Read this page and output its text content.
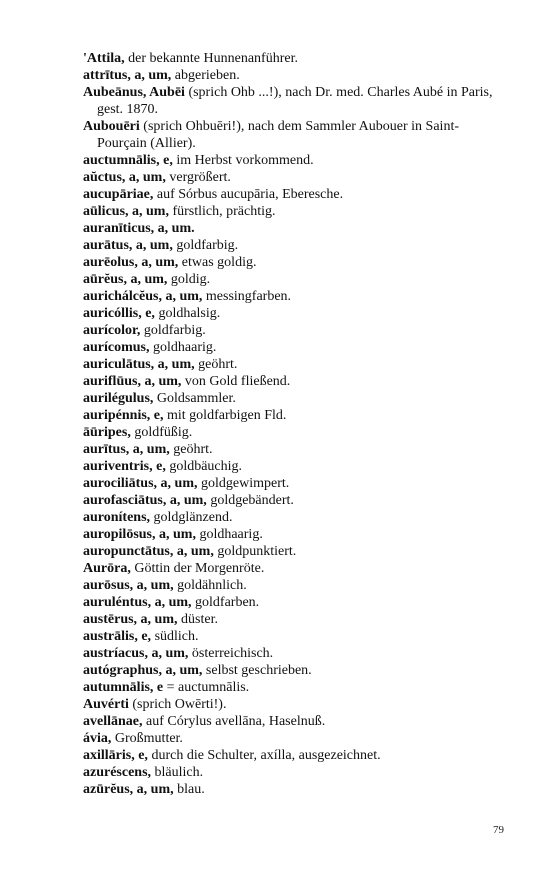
'Attila, der bekannte Hunnenanführer.
attrītus, a, um, abgerieben.
Aubeānus, Aubēi (sprich Ohb ...!), nach Dr. med. Charles Aubé in Paris, gest. 1870.
Aubouēri (sprich Ohbuēri!), nach dem Sammler Aubouer in Saint-Pourçain (Allier).
auctumnālis, e, im Herbst vorkommend.
aŭctus, a, um, vergrößert.
aucupāriae, auf Sórbus aucupāria, Eberesche.
aūlicus, a, um, fürstlich, prächtig.
auranīticus, a, um.
aurātus, a, um, goldfarbig.
aurēolus, a, um, etwas goldig.
aūrĕus, a, um, goldig.
aurichálcĕus, a, um, messingfarben.
auricóllis, e, goldhalsig.
aurícolor, goldfarbig.
aurícomus, goldhaarig.
auriculātus, a, um, geöhrt.
auriflūus, a, um, von Gold fließend.
aurilégulus, Goldsammler.
auripénnis, e, mit goldfarbigen Fld.
āūripes, goldfüßig.
aurītus, a, um, geöhrt.
auriventris, e, goldbäuchig.
aurociliātus, a, um, goldgewimpert.
aurofasciātus, a, um, goldgebändert.
auronítens, goldglänzend.
auropilōsus, a, um, goldhaarig.
auropunctātus, a, um, goldpunktiert.
Aurōra, Göttin der Morgenröte.
aurōsus, a, um, goldähnlich.
auruléntus, a, um, goldfarben.
austērus, a, um, düster.
austrālis, e, südlich.
austríacus, a, um, österreichisch.
autógraphus, a, um, selbst geschrieben.
autumnālis, e = auctumnālis.
Auvérti (sprich Owērti!).
avellānae, auf Córylus avellāna, Haselnuß.
ávia, Großmutter.
axillāris, e, durch die Schulter, axílla, ausgezeichnet.
azuréscens, bläulich.
azūrĕus, a, um, blau.
79
